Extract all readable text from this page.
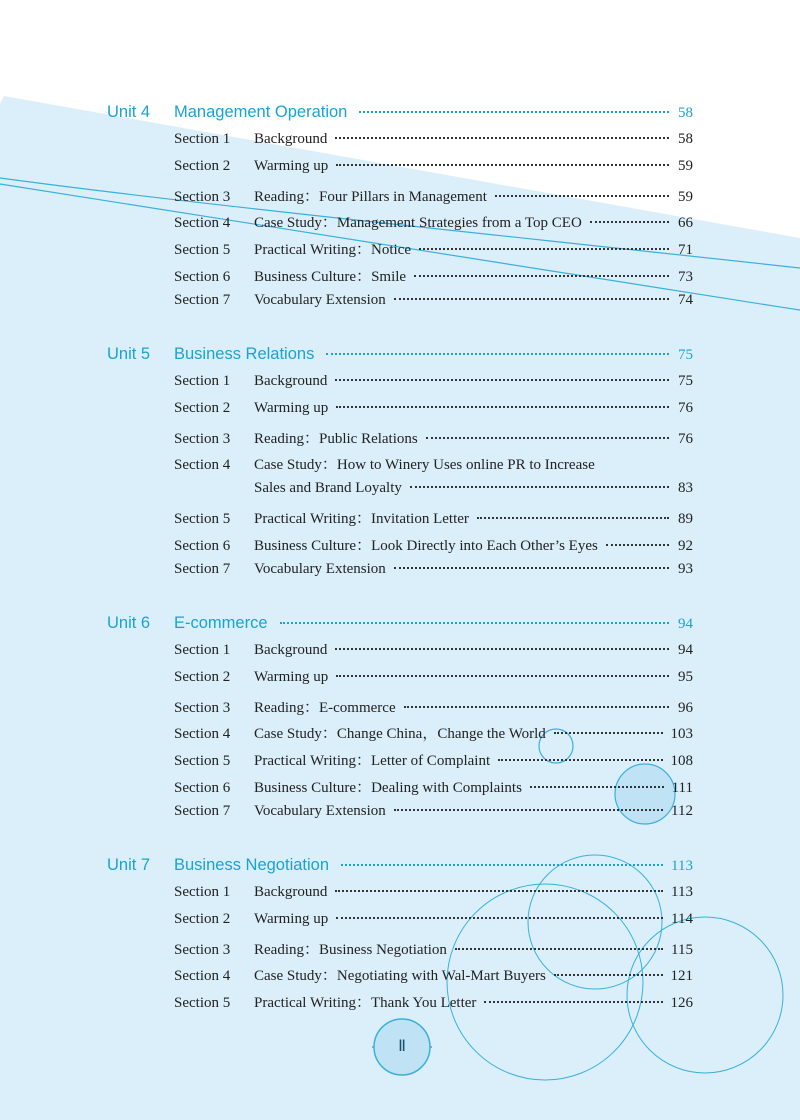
Unit 4	Management Operation	58
Section 1	Background	58
Section 2	Warming up	59
Section 3	Reading：Four Pillars in Management	59
Section 4	Case Study：Management Strategies from a Top CEO	66
Section 5	Practical Writing：Notice	71
Section 6	Business Culture：Smile	73
Section 7	Vocabulary Extension	74
Unit 5	Business Relations	75
Section 1	Background	75
Section 2	Warming up	76
Section 3	Reading：Public Relations	76
Section 4	Case Study：How to Winery Uses online PR to Increase
Sales and Brand Loyalty	83
Section 5	Practical Writing：Invitation Letter	89
Section 6	Business Culture：Look Directly into Each Other’s Eyes	92
Section 7	Vocabulary Extension	93
Unit 6	E-commerce	94
Section 1	Background	94
Section 2	Warming up	95
Section 3	Reading：E-commerce	96
Section 4	Case Study：Change China，Change the World	103
Section 5	Practical Writing：Letter of Complaint	108
Section 6	Business Culture：Dealing with Complaints	111
Section 7	Vocabulary Extension	112
Unit 7	Business Negotiation	113
Section 1	Background	113
Section 2	Warming up	114
Section 3	Reading：Business Negotiation	115
Section 4	Case Study：Negotiating with Wal-Mart Buyers	121
Section 5	Practical Writing：Thank You Letter	126
Ⅱ
